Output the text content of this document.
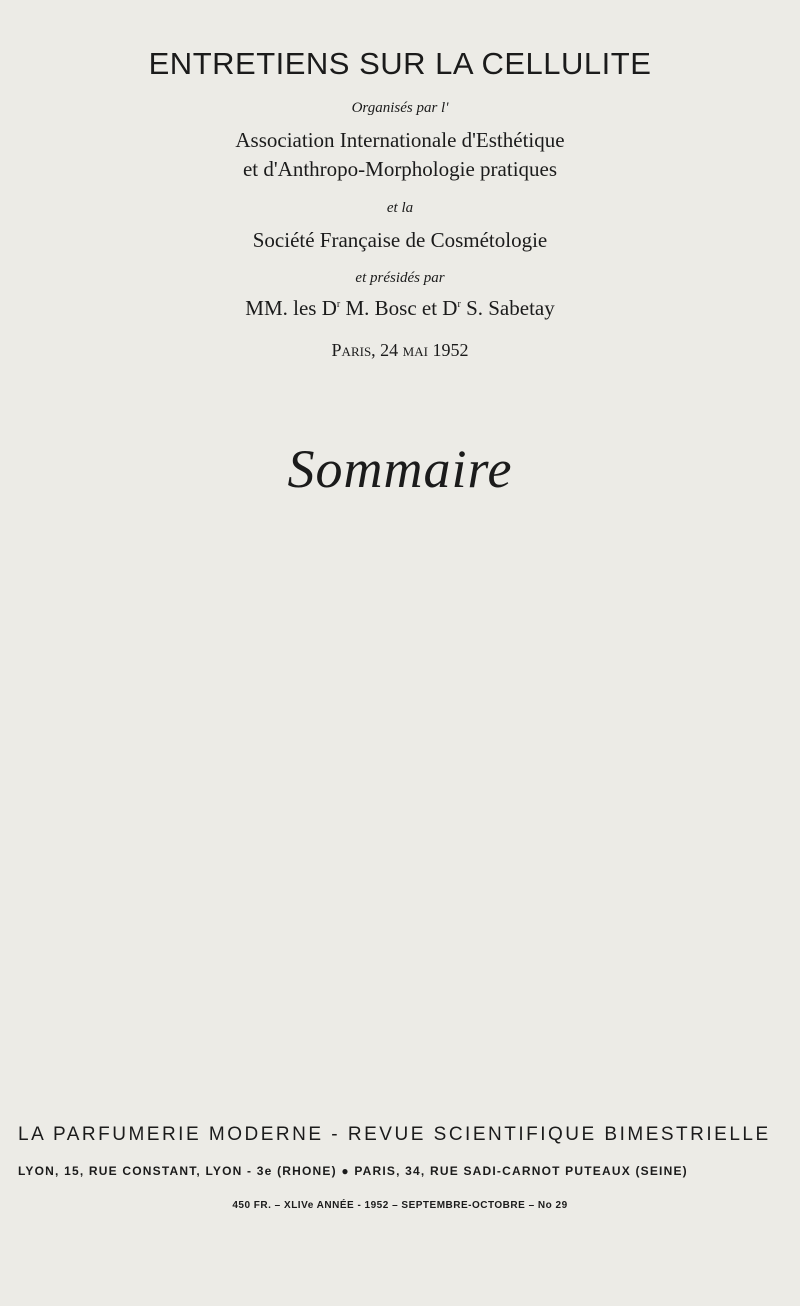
ENTRETIENS SUR LA CELLULITE
Organisés par l'
Association Internationale d'Esthétique
et d'Anthropo-Morphologie pratiques
et la
Société Française de Cosmétologie
et présidés par
MM. les $D^r$ M. Bosc et $D^r$ S. Sabetay
Paris, 24 mai 1952
Sommaire
LA PARFUMERIE MODERNE - REVUE SCIENTIFIQUE BIMESTRIELLE
LYON, 15, RUE CONSTANT, LYON - 3e (RHONE) ● PARIS, 34, RUE SADI-CARNOT PUTEAUX (SEINE)
450 FR. – XLIVe ANNÉE - 1952 – SEPTEMBRE-OCTOBRE – No 29
